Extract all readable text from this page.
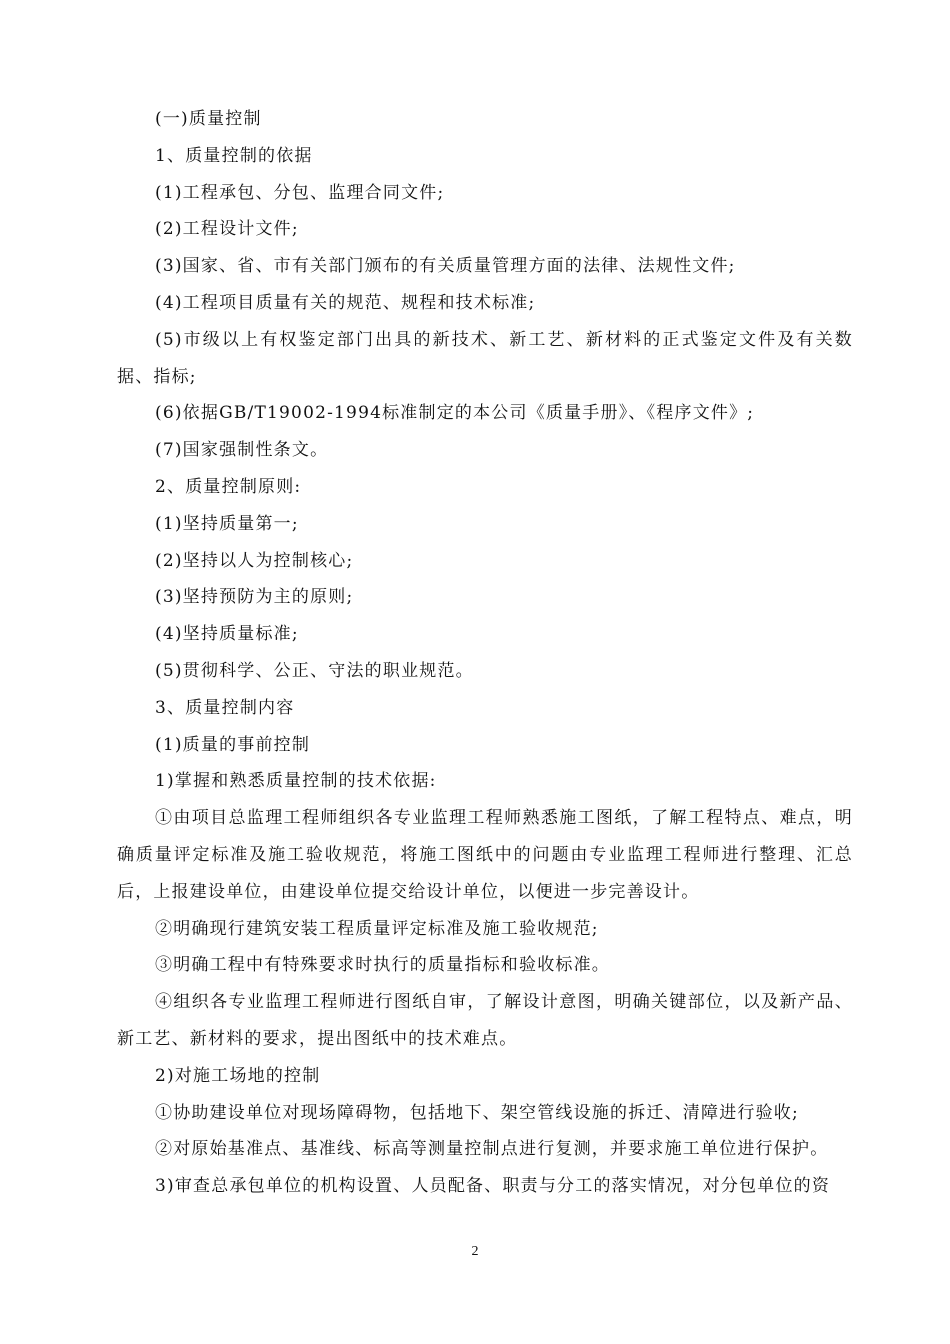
(一)质量控制

1、质量控制的依据

(1)工程承包、分包、监理合同文件;

(2)工程设计文件;

(3)国家、省、市有关部门颁布的有关质量管理方面的法律、法规性文件;

(4)工程项目质量有关的规范、规程和技术标准;

(5)市级以上有权鉴定部门出具的新技术、新工艺、新材料的正式鉴定文件及有关数据、指标;

(6)依据GB/T19002-1994标准制定的本公司《质量手册》、《程序文件》;

(7)国家强制性条文。

2、质量控制原则:

(1)坚持质量第一;

(2)坚持以人为控制核心;

(3)坚持预防为主的原则;

(4)坚持质量标准;

(5)贯彻科学、公正、守法的职业规范。

3、质量控制内容

(1)质量的事前控制

1)掌握和熟悉质量控制的技术依据:

①由项目总监理工程师组织各专业监理工程师熟悉施工图纸，了解工程特点、难点，明确质量评定标准及施工验收规范，将施工图纸中的问题由专业监理工程师进行整理、汇总后，上报建设单位，由建设单位提交给设计单位，以便进一步完善设计。

②明确现行建筑安装工程质量评定标准及施工验收规范;

③明确工程中有特殊要求时执行的质量指标和验收标准。

④组织各专业监理工程师进行图纸自审，了解设计意图，明确关键部位，以及新产品、新工艺、新材料的要求，提出图纸中的技术难点。

2)对施工场地的控制

①协助建设单位对现场障碍物，包括地下、架空管线设施的拆迁、清障进行验收;

②对原始基准点、基准线、标高等测量控制点进行复测，并要求施工单位进行保护。

3)审查总承包单位的机构设置、人员配备、职责与分工的落实情况，对分包单位的资

2
